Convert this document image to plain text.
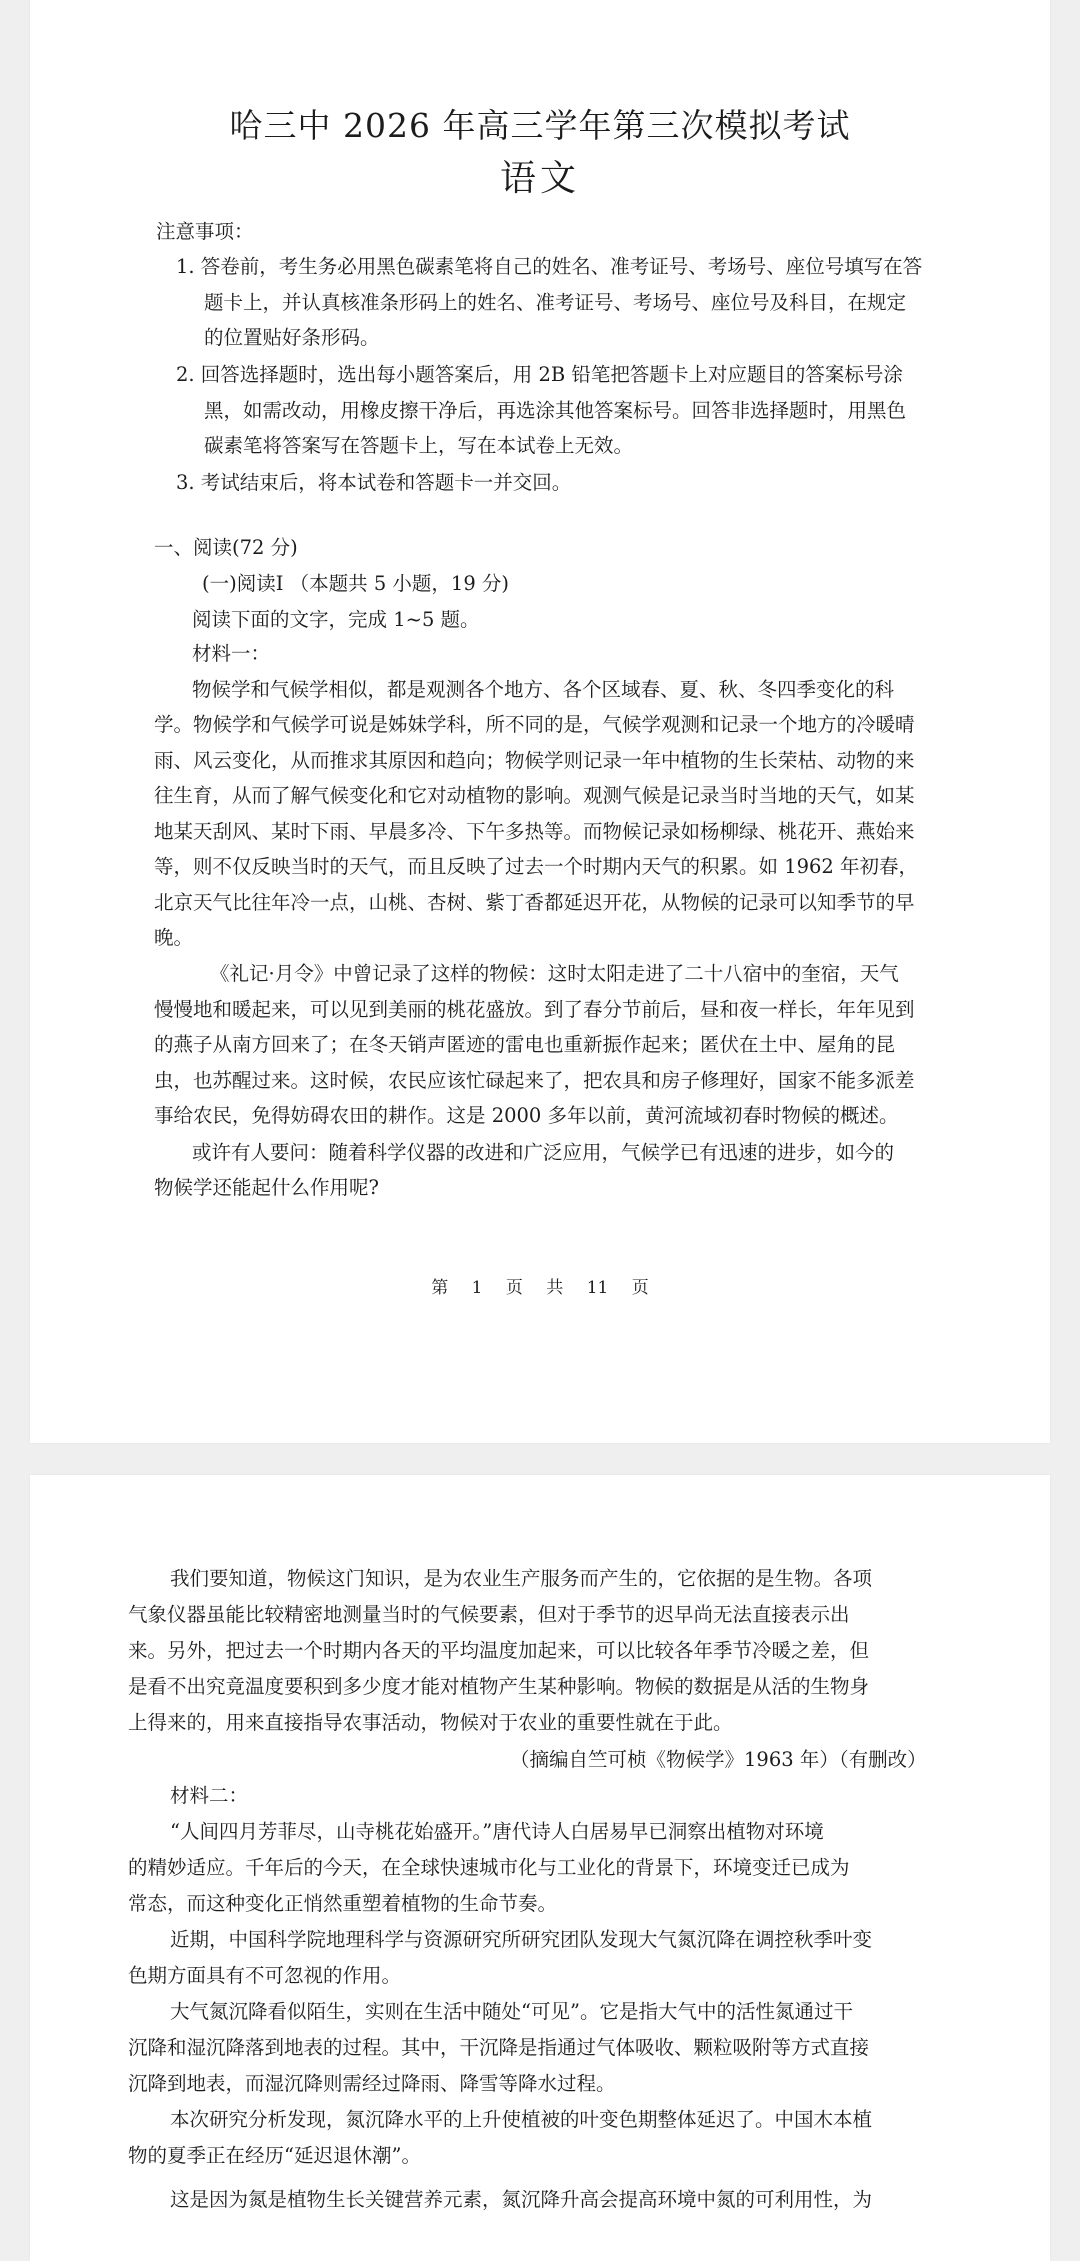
哈三中 2026 年高三学年第三次模拟考试
语文
注意事项：
1. 答卷前，考生务必用黑色碳素笔将自己的姓名、准考证号、考场号、座位号填写在答
题卡上，并认真核准条形码上的姓名、准考证号、考场号、座位号及科目，在规定
的位置贴好条形码。
2. 回答选择题时，选出每小题答案后，用 2B 铅笔把答题卡上对应题目的答案标号涂
黑，如需改动，用橡皮擦干净后，再选涂其他答案标号。回答非选择题时，用黑色
碳素笔将答案写在答题卡上，写在本试卷上无效。
3. 考试结束后，将本试卷和答题卡一并交回。
一、阅读(72 分)
(一)阅读Ⅰ （本题共 5 小题，19 分)
阅读下面的文字，完成 1~5 题。
材料一：
物候学和气候学相似，都是观测各个地方、各个区域春、夏、秋、冬四季变化的科
学。物候学和气候学可说是姊妹学科，所不同的是，气候学观测和记录一个地方的冷暖晴
雨、风云变化，从而推求其原因和趋向；物候学则记录一年中植物的生长荣枯、动物的来
往生育，从而了解气候变化和它对动植物的影响。观测气候是记录当时当地的天气，如某
地某天刮风、某时下雨、早晨多冷、下午多热等。而物候记录如杨柳绿、桃花开、燕始来
等，则不仅反映当时的天气，而且反映了过去一个时期内天气的积累。如 1962 年初春，
北京天气比往年冷一点，山桃、杏树、紫丁香都延迟开花，从物候的记录可以知季节的早
晚。
《礼记·月令》中曾记录了这样的物候：这时太阳走进了二十八宿中的奎宿，天气
慢慢地和暖起来，可以见到美丽的桃花盛放。到了春分节前后，昼和夜一样长，年年见到
的燕子从南方回来了；在冬天销声匿迹的雷电也重新振作起来；匿伏在土中、屋角的昆
虫，也苏醒过来。这时候，农民应该忙碌起来了，把农具和房子修理好，国家不能多派差
事给农民，免得妨碍农田的耕作。这是 2000 多年以前，黄河流域初春时物候的概述。
或许有人要问：随着科学仪器的改进和广泛应用，气候学已有迅速的进步，如今的
物候学还能起什么作用呢?
第 1 页 共 11 页
我们要知道，物候这门知识，是为农业生产服务而产生的，它依据的是生物。各项
气象仪器虽能比较精密地测量当时的气候要素，但对于季节的迟早尚无法直接表示出
来。另外，把过去一个时期内各天的平均温度加起来，可以比较各年季节冷暖之差，但
是看不出究竟温度要积到多少度才能对植物产生某种影响。物候的数据是从活的生物身
上得来的，用来直接指导农事活动，物候对于农业的重要性就在于此。
（摘编自竺可桢《物候学》1963 年）（有删改）
材料二：
“人间四月芳菲尽，山寺桃花始盛开。”唐代诗人白居易早已洞察出植物对环境
的精妙适应。千年后的今天，在全球快速城市化与工业化的背景下，环境变迁已成为
常态，而这种变化正悄然重塑着植物的生命节奏。
近期，中国科学院地理科学与资源研究所研究团队发现大气氮沉降在调控秋季叶变
色期方面具有不可忽视的作用。
大气氮沉降看似陌生，实则在生活中随处“可见”。它是指大气中的活性氮通过干
沉降和湿沉降落到地表的过程。其中，干沉降是指通过气体吸收、颗粒吸附等方式直接
沉降到地表，而湿沉降则需经过降雨、降雪等降水过程。
本次研究分析发现，氮沉降水平的上升使植被的叶变色期整体延迟了。中国木本植
物的夏季正在经历“延迟退休潮”。
这是因为氮是植物生长关键营养元素，氮沉降升高会提高环境中氮的可利用性，为
